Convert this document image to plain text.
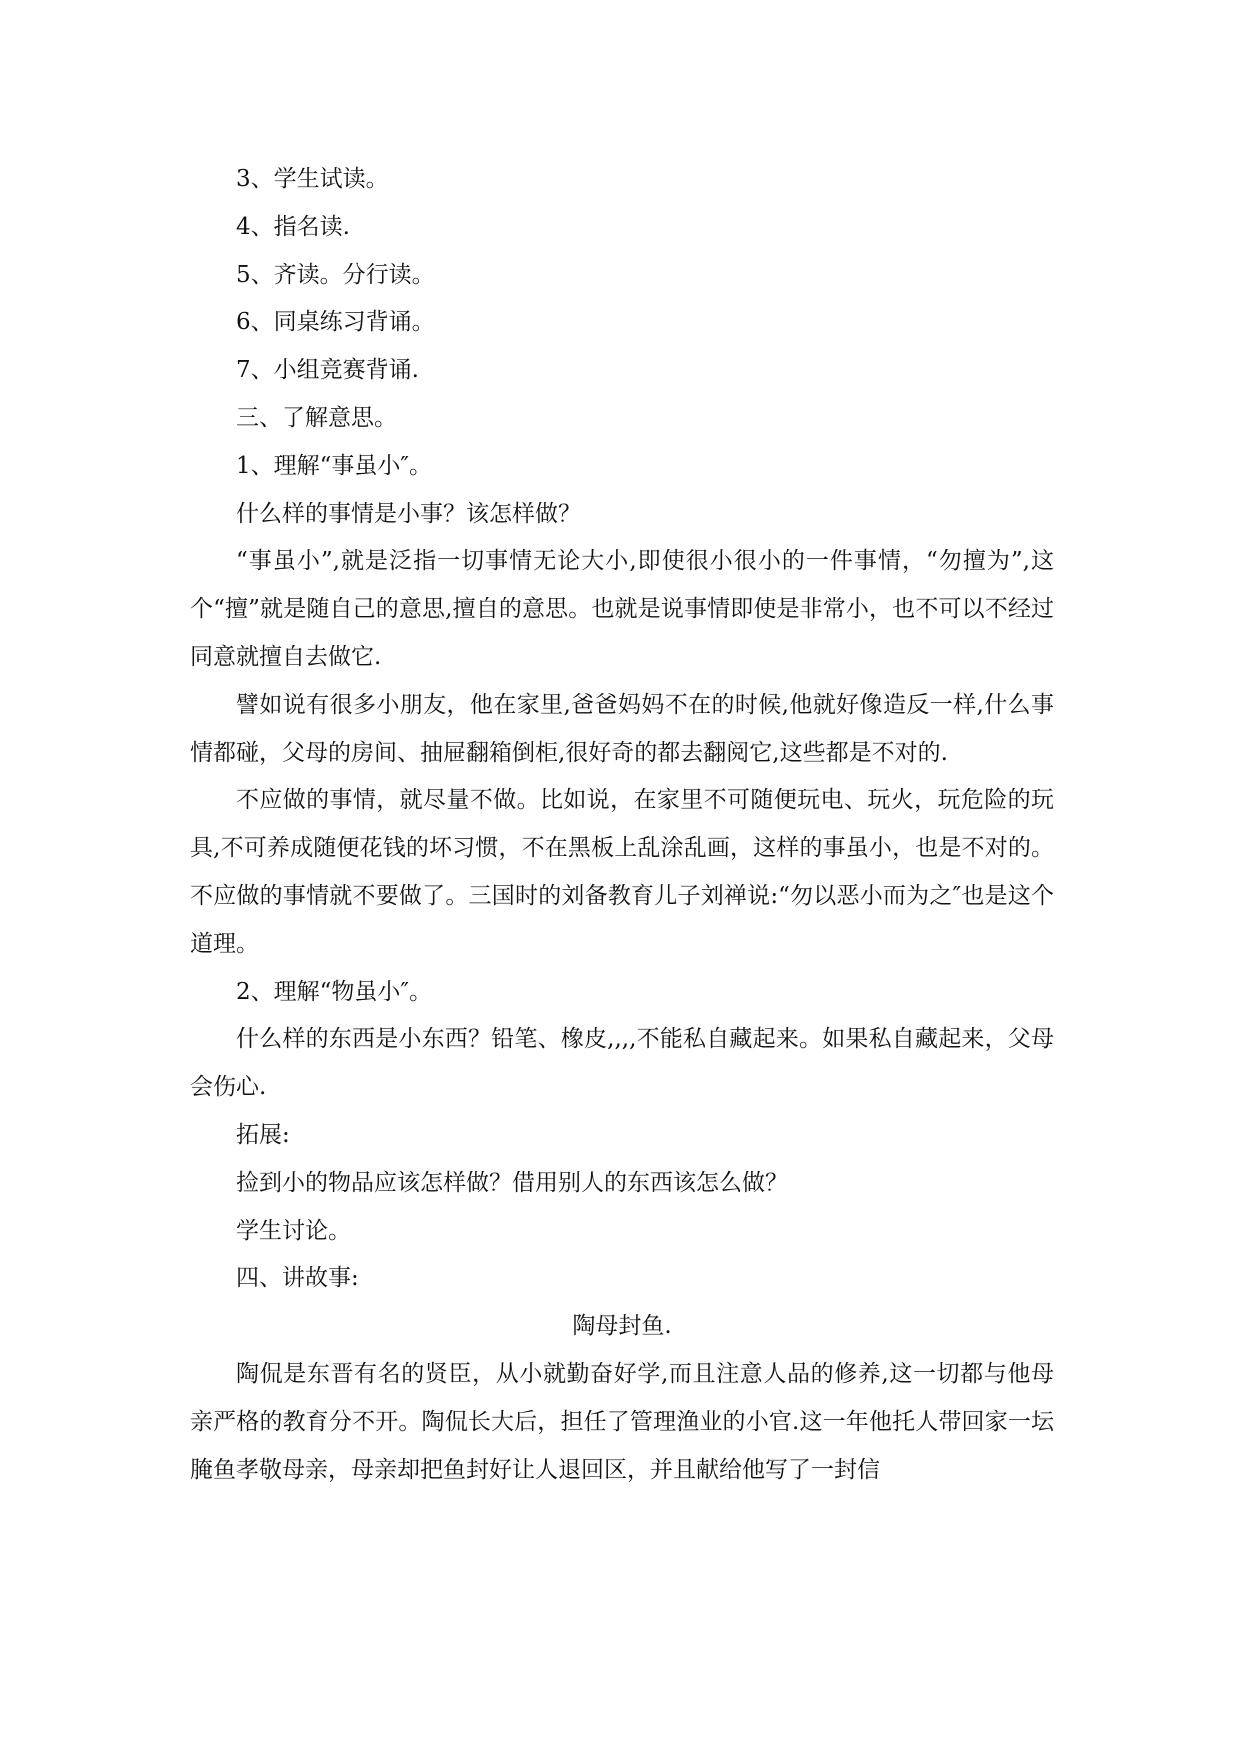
3、学生试读。

4、指名读.

5、齐读。分行读。

6、同桌练习背诵。

7、小组竞赛背诵.

三、了解意思。

1、理解“事虽小″。

什么样的事情是小事？该怎样做？

“事虽小”,就是泛指一切事情无论大小,即使很小很小的一件事情，“勿擅为”,这个“擅”就是随自己的意思,擅自的意思。也就是说事情即使是非常小，也不可以不经过同意就擅自去做它.

譬如说有很多小朋友，他在家里,爸爸妈妈不在的时候,他就好像造反一样,什么事情都碰，父母的房间、抽屉翻箱倒柜,很好奇的都去翻阅它,这些都是不对的.

不应做的事情，就尽量不做。比如说，在家里不可随便玩电、玩火，玩危险的玩具,不可养成随便花钱的坏习惯，不在黑板上乱涂乱画，这样的事虽小，也是不对的。不应做的事情就不要做了。三国时的刘备教育儿子刘禅说:“勿以恶小而为之″也是这个道理。

2、理解“物虽小″。

什么样的东西是小东西？铅笔、橡皮,,,,不能私自藏起来。如果私自藏起来，父母会伤心.

拓展:

捡到小的物品应该怎样做？借用别人的东西该怎么做？

学生讨论。

四、讲故事:

陶母封鱼.

陶侃是东晋有名的贤臣，从小就勤奋好学,而且注意人品的修养,这一切都与他母亲严格的教育分不开。陶侃长大后，担任了管理渔业的小官.这一年他托人带回家一坛腌鱼孝敬母亲，母亲却把鱼封好让人退回区，并且献给他写了一封信
